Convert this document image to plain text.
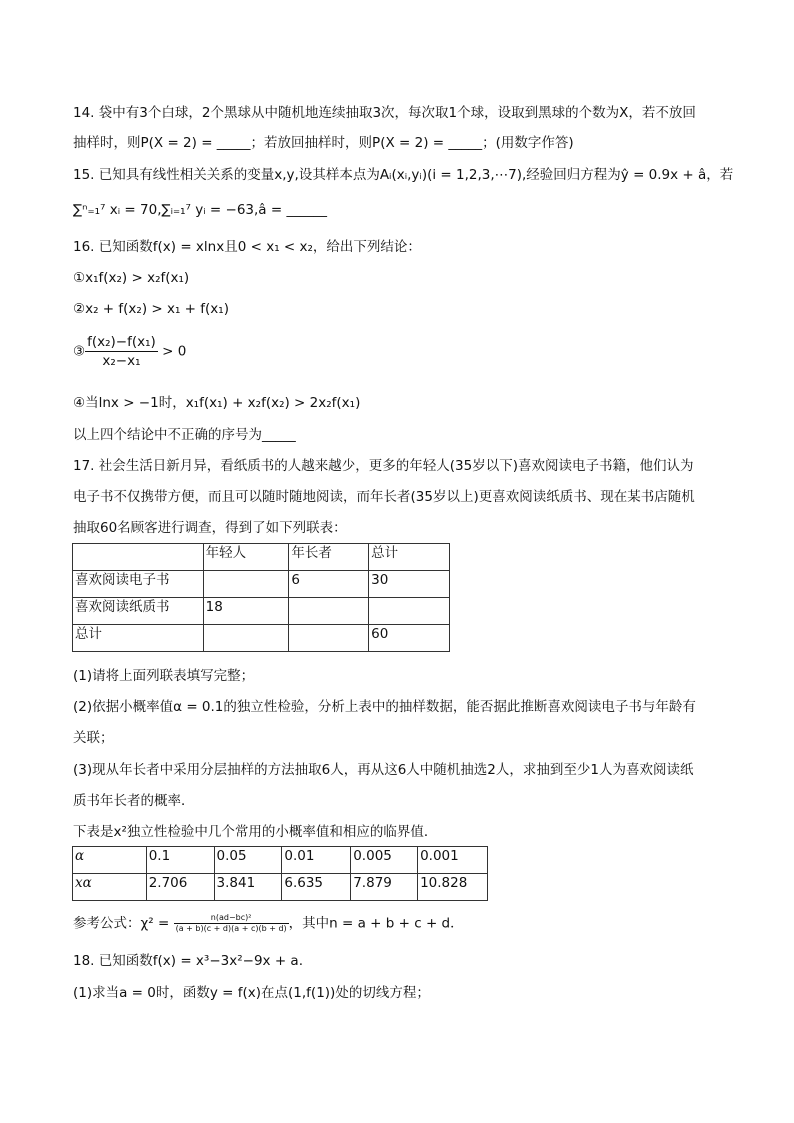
14. 袋中有3个白球，2个黑球从中随机地连续抽取3次，每次取1个球，设取到黑球的个数为X，若不放回
抽样时，则P(X = 2) = _____；若放回抽样时，则P(X = 2) = _____；(用数字作答)
15. 已知具有线性相关关系的变量x,y,设其样本点为Aᵢ(xᵢ,yᵢ)(i = 1,2,3,⋯7),经验回归方程为ŷ = 0.9x + â，若
∑ⁿ₌₁⁷ xᵢ = 70,∑ᵢ₌₁⁷ yᵢ = −63,â = ______
16. 已知函数f(x) = xlnx且0 < x₁ < x₂，给出下列结论：
①x₁f(x₂) > x₂f(x₁)
②x₂ + f(x₂) > x₁ + f(x₁)
③ $\frac{\text{f(x₂)−f(x₁)}}{\text{x₂−x₁}} > 0$
④当lnx > −1时，x₁f(x₁) + x₂f(x₂) > 2x₂f(x₁)
以上四个结论中不正确的序号为_____
17. 社会生活日新月异，看纸质书的人越来越少，更多的年轻人(35岁以下)喜欢阅读电子书籍，他们认为
电子书不仅携带方便，而且可以随时随地阅读，而年长者(35岁以上)更喜欢阅读纸质书、现在某书店随机
抽取60名顾客进行调查，得到了如下列联表：
	年轻人	年长者	总计
喜欢阅读电子书		6	30
喜欢阅读纸质书	18		
总计			60
(1)请将上面列联表填写完整；
(2)依据小概率值α = 0.1的独立性检验，分析上表中的抽样数据，能否据此推断喜欢阅读电子书与年龄有
关联；
(3)现从年长者中采用分层抽样的方法抽取6人，再从这6人中随机抽选2人，求抽到至少1人为喜欢阅读纸
质书年长者的概率．
下表是x²独立性检验中几个常用的小概率值和相应的临界值．
α	0.1	0.05	0.01	0.005	0.001
xα	2.706	3.841	6.635	7.879	10.828
参考公式：$\chi^2 = \frac{\text{n(ad−bc)²}}{(a + b)(c + d)(a + c)(b + d)}$ ，其中n = a + b + c + d．
18. 已知函数f(x) = x³−3x²−9x + a.
(1)求当a = 0时，函数y = f(x)在点(1,f(1))处的切线方程；
